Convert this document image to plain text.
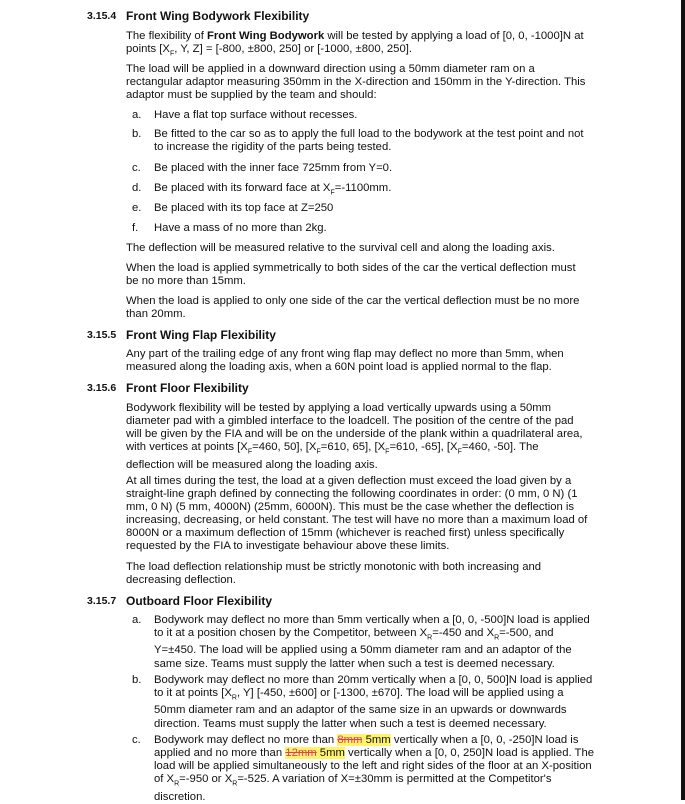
3.15.4 Front Wing Bodywork Flexibility
The flexibility of Front Wing Bodywork will be tested by applying a load of [0, 0, -1000]N at points [$X_F$, Y, Z] = [-800, ±800, 250] or [-1000, ±800, 250].
The load will be applied in a downward direction using a 50mm diameter ram on a rectangular adaptor measuring 350mm in the X-direction and 150mm in the Y-direction. This adaptor must be supplied by the team and should:
a. Have a flat top surface without recesses.
b. Be fitted to the car so as to apply the full load to the bodywork at the test point and not to increase the rigidity of the parts being tested.
c. Be placed with the inner face 725mm from Y=0.
d. Be placed with its forward face at $X_F=-1100mm$.
e. Be placed with its top face at Z=250
f. Have a mass of no more than 2kg.
The deflection will be measured relative to the survival cell and along the loading axis.
When the load is applied symmetrically to both sides of the car the vertical deflection must be no more than 15mm.
When the load is applied to only one side of the car the vertical deflection must be no more than 20mm.
3.15.5 Front Wing Flap Flexibility
Any part of the trailing edge of any front wing flap may deflect no more than 5mm, when measured along the loading axis, when a 60N point load is applied normal to the flap.
3.15.6 Front Floor Flexibility
Bodywork flexibility will be tested by applying a load vertically upwards using a 50mm diameter pad with a gimbled interface to the loadcell. The position of the centre of the pad will be given by the FIA and will be on the underside of the plank within a quadrilateral area, with vertices at points [$X_F=460$, 50], [$X_F=610$, 65], [$X_F=610$, -65], [$X_F=460$, -50]. The deflection will be measured along the loading axis.
At all times during the test, the load at a given deflection must exceed the load given by a straight-line graph defined by connecting the following coordinates in order: (0 mm, 0 N) (1 mm, 0 N) (5 mm, 4000N) (25mm, 6000N). This must be the case whether the deflection is increasing, decreasing, or held constant. The test will have no more than a maximum load of 8000N or a maximum deflection of 15mm (whichever is reached first) unless specifically requested by the FIA to investigate behaviour above these limits.
The load deflection relationship must be strictly monotonic with both increasing and decreasing deflection.
3.15.7 Outboard Floor Flexibility
a. Bodywork may deflect no more than 5mm vertically when a [0, 0, -500]N load is applied to it at a position chosen by the Competitor, between $X_R=-450$ and $X_R=-500$, and Y=±450. The load will be applied using a 50mm diameter ram and an adaptor of the same size. Teams must supply the latter when such a test is deemed necessary.
b. Bodywork may deflect no more than 20mm vertically when a [0, 0, 500]N load is applied to it at points [$X_R$, Y] [-450, ±600] or [-1300, ±670]. The load will be applied using a 50mm diameter ram and an adaptor of the same size in an upwards or downwards direction. Teams must supply the latter when such a test is deemed necessary.
c. Bodywork may deflect no more than 8mm 5mm vertically when a [0, 0, -250]N load is applied and no more than 12mm 5mm vertically when a [0, 0, 250]N load is applied. The load will be applied simultaneously to the left and right sides of the floor at an X-position of $X_R=-950$ or $X_R=-525$. A variation of X=±30mm is permitted at the Competitor's discretion.
